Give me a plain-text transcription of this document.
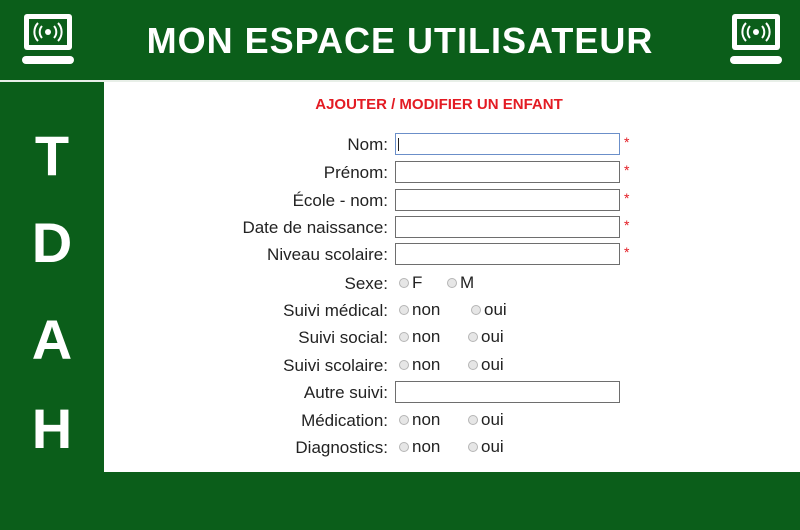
MON ESPACE UTILISATEUR
T
D
A
H
AJOUTER / MODIFIER UN ENFANT
Nom:	*
Prénom:	*
École - nom:	*
Date de naissance:	*
Niveau scolaire:	*
Sexe: F M
Suivi médical: non	oui
Suivi social: non oui
Suivi scolaire: non oui
Autre suivi:
Médication: non oui
Diagnostics: non oui
